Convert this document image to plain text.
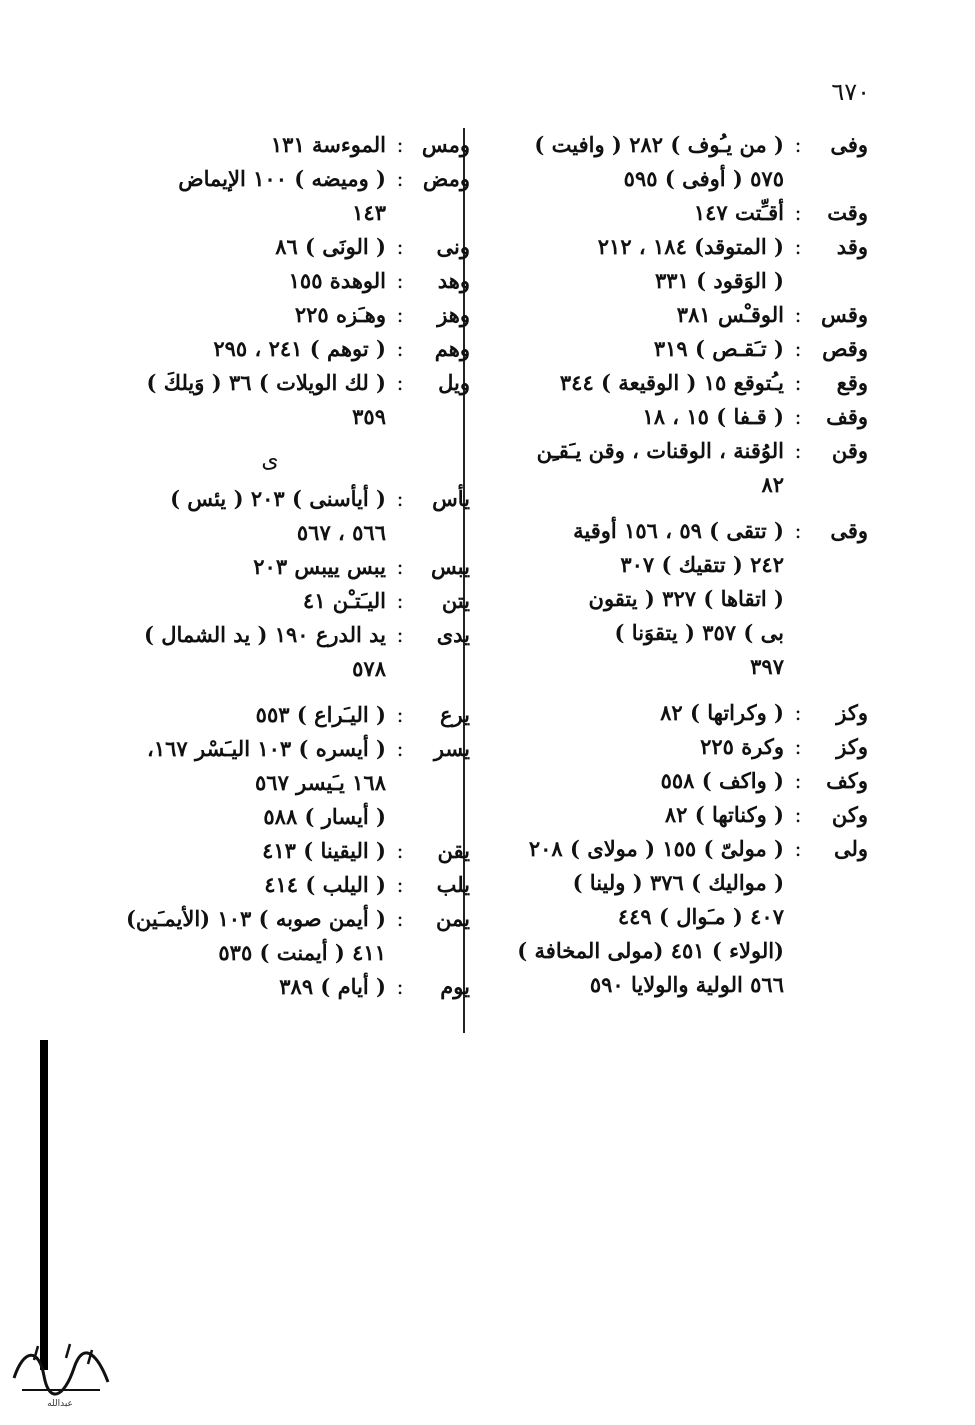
٦٧٠
وفى
:
( من يـُوف ) ٢٨٢ ( وافيت )
٥٧٥ ( أوفى ) ٥٩٥
وقت
:
أقـِّتت ١٤٧
وقد
:
( المتوقد) ١٨٤ ، ٢١٢
( الوَقود ) ٣٣١
وقس
:
الوقـْس ٣٨١
وقص
:
( تـَقـص ) ٣١٩
وقع
:
يـُتوقع ١٥ ( الوقيعة ) ٣٤٤
وقف
:
( قـفا ) ١٥ ، ١٨
وقن
:
الوُقنة ، الوقنات ، وقن يـَقـِن
٨٢
وقى
:
( تتقى ) ٥٩ ، ١٥٦ أوقية
٢٤٢ ( تتقيك ) ٣٠٧
( اتقاها ) ٣٢٧ ( يتقون
بى ) ٣٥٧ ( يتقوَنا )
٣٩٧
وكز
:
( وكراتها ) ٨٢
وكز
:
وكرة ٢٢٥
وكف
:
( واكف ) ٥٥٨
وكن
:
( وكناتها ) ٨٢
ولى
:
( مولىّ ) ١٥٥ ( مولاى ) ٢٠٨
( مواليك ) ٣٧٦ ( ولينا )
٤٠٧ ( مـَوال ) ٤٤٩
(الولاء ) ٤٥١ (مولى المخافة )
٥٦٦ الولية والولايا ٥٩٠
ومس
:
الموءسة ١٣١
ومض
:
( وميضه ) ١٠٠ الإيماض
١٤٣
ونى
:
( الونَى ) ٨٦
وهد
:
الوهدة ١٥٥
وهز
:
وهـَزه ٢٢٥
وهم
:
( توهم ) ٢٤١ ، ٢٩٥
ويل
:
( لك الويلات ) ٣٦ ( وَيلكَ )
٣٥٩
ى
يأس
:
( أيأسنى ) ٢٠٣ ( يئس )
٥٦٦ ، ٥٦٧
يبس
:
يبس ييبس ٢٠٣
يتن
:
اليـَتـْن ٤١
يدى
:
يد الدرع ١٩٠ ( يد الشمال )
٥٧٨
يرع
:
( اليـَراع ) ٥٥٣
يسر
:
( أيسره ) ١٠٣ اليـَسْر ١٦٧،
١٦٨ يـَيسر ٥٦٧
( أيسار ) ٥٨٨
يقن
:
( اليقينا ) ٤١٣
يلب
:
( اليلب ) ٤١٤
يمن
:
( أيمن صوبه ) ١٠٣ (الأيمـَين)
٤١١ ( أيمنت ) ٥٣٥
يوم
:
( أيام ) ٣٨٩
عبدالله
